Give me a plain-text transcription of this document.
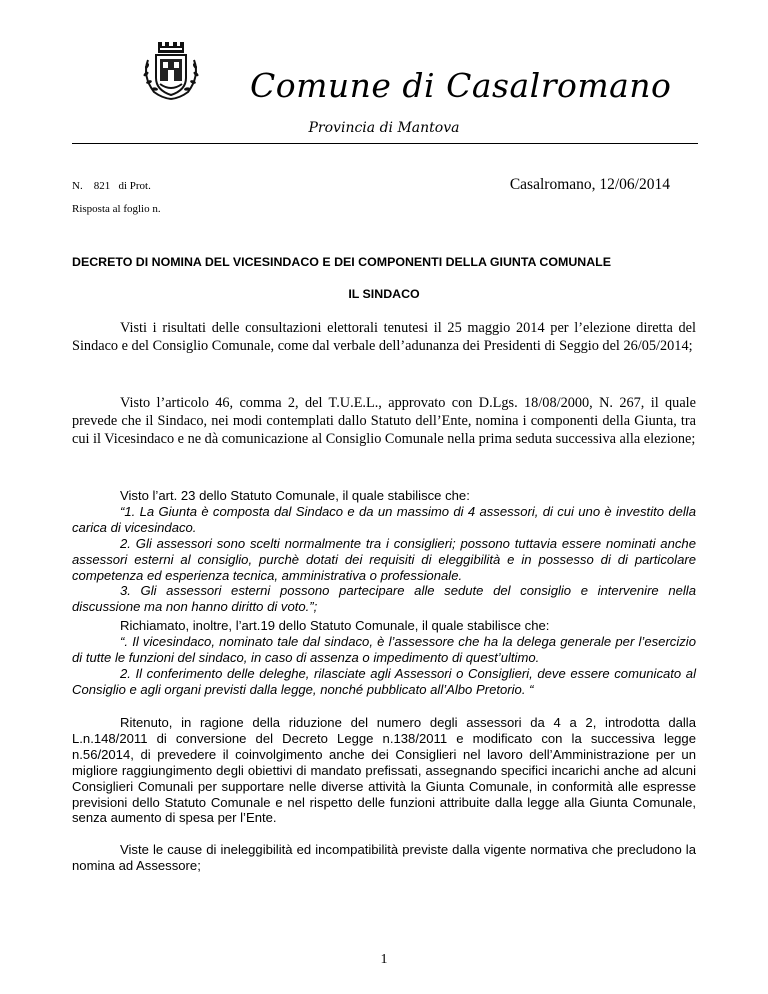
Comune di Casalromano
Provincia di Mantova
N.    821   di Prot.	Casalromano, 12/06/2014
Risposta al foglio n.
DECRETO DI NOMINA DEL VICESINDACO E DEI COMPONENTI DELLA GIUNTA COMUNALE
IL SINDACO

Visti i risultati delle consultazioni elettorali tenutesi il 25 maggio 2014 per l’elezione diretta del Sindaco e del Consiglio Comunale, come dal verbale dell’adunanza dei Presidenti di Seggio del 26/05/2014;

Visto l’articolo 46, comma 2, del T.U.E.L., approvato con D.Lgs. 18/08/2000, N. 267, il quale prevede che il Sindaco, nei modi contemplati dallo Statuto dell’Ente, nomina i componenti della Giunta, tra cui il Vicesindaco e ne dà comunicazione al Consiglio Comunale nella prima seduta successiva alla elezione;

Visto l’art. 23 dello Statuto Comunale, il quale stabilisce che:
“1. La Giunta è composta dal Sindaco e da un massimo di 4 assessori, di cui uno è investito della carica di vicesindaco.
2. Gli assessori sono scelti normalmente tra i consiglieri; possono tuttavia essere nominati anche assessori esterni al consiglio, purchè dotati dei requisiti di eleggibilità e in possesso di di particolare competenza ed esperienza tecnica, amministrativa o professionale.
3. Gli assessori esterni possono partecipare alle sedute del consiglio e intervenire nella discussione ma non hanno diritto di voto.”;
Richiamato, inoltre, l’art.19 dello Statuto Comunale, il quale stabilisce che:
“. Il vicesindaco, nominato tale dal sindaco, è l’assessore che ha la delega generale per l’esercizio di tutte le funzioni del sindaco, in caso di assenza o impedimento di quest’ultimo.
2. Il conferimento delle deleghe, rilasciate agli Assessori o Consiglieri, deve essere comunicato al Consiglio e agli organi previsti dalla legge, nonché pubblicato all’Albo Pretorio. “

Ritenuto, in ragione della riduzione del numero degli assessori da 4 a 2, introdotta dalla L.n.148/2011 di conversione del Decreto Legge n.138/2011 e modificato con la successiva legge n.56/2014, di prevedere il coinvolgimento anche dei Consiglieri nel lavoro dell’Amministrazione per un migliore raggiungimento degli obiettivi di mandato prefissati, assegnando specifici incarichi anche ad alcuni Consiglieri Comunali per supportare nelle diverse attività la Giunta Comunale, in conformità alle espresse previsioni dello Statuto Comunale e nel rispetto delle funzioni attribuite dalla legge alla Giunta Comunale, senza aumento di spesa per l’Ente.

Viste le cause di ineleggibilità ed incompatibilità previste dalla vigente normativa che precludono la nomina ad Assessore;

1
